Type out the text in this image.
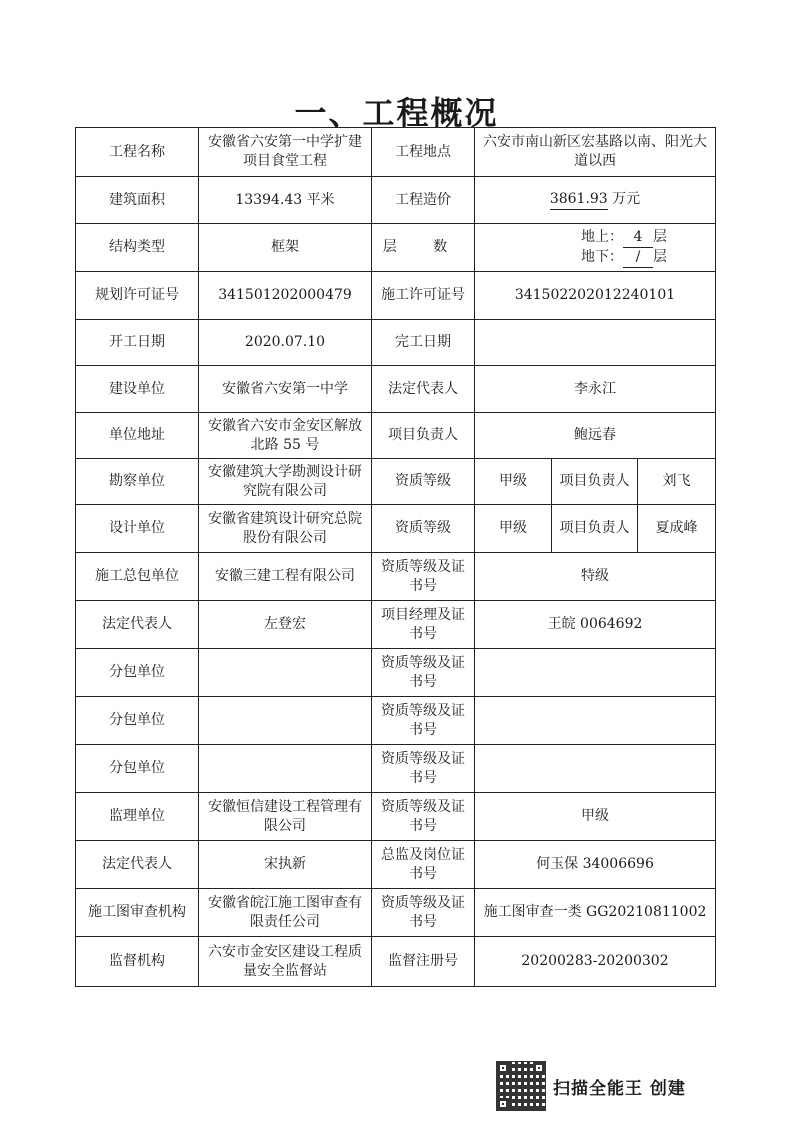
一、工程概况
工程名称	安徽省六安第一中学扩建项目食堂工程	工程地点	六安市南山新区宏基路以南、阳光大道以西		
建筑面积	13394.43 平米	工程造价	3861.93 万元		
结构类型	框架	层 数	地上： 4 层
地下： / 层		

规划许可证号	341501202000479	施工许可证号	341502202012240101		
开工日期	2020.07.10	完工日期			
建设单位	安徽省六安第一中学	法定代表人	李永江		
单位地址	安徽省六安市金安区解放北路 55 号	项目负责人	鲍远春		
勘察单位	安徽建筑大学勘测设计研究院有限公司	资质等级	甲级	项目负责人	刘飞
设计单位	安徽省建筑设计研究总院股份有限公司	资质等级	甲级	项目负责人	夏成峰
施工总包单位	安徽三建工程有限公司	资质等级及证书号	特级		
法定代表人	左登宏	项目经理及证书号	王皖 0064692		
分包单位		资质等级及证书号			
分包单位		资质等级及证书号			
分包单位		资质等级及证书号			
监理单位	安徽恒信建设工程管理有限公司	资质等级及证书号	甲级		
法定代表人	宋执新	总监及岗位证书号	何玉保 34006696		
施工图审查机构	安徽省皖江施工图审查有限责任公司	资质等级及证书号	施工图审查一类 GG20210811002		
监督机构	六安市金安区建设工程质量安全监督站	监督注册号	20200283-20200302		
扫描全能王 创建
